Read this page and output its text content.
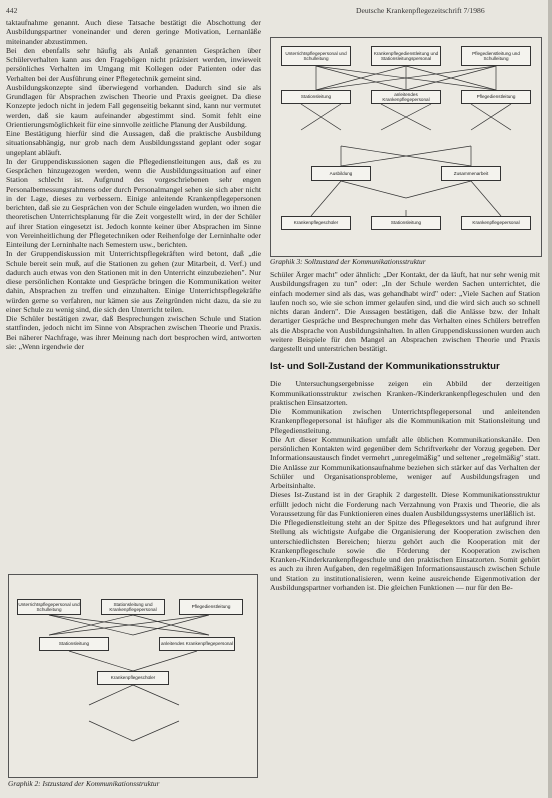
442	Deutsche Krankenpflegezeitschrift 7/1986

taktaufnahme genannt. Auch diese Tatsache bestätigt die Abschottung der Ausbildungspartner voneinander und deren geringe Motivation, Lernanläße miteinander abzustimmen.

Bei den ebenfalls sehr häufig als Anlaß genannten Gesprächen über Schülerverhalten kann aus den Fragebögen nicht präzisiert werden, inwieweit persönliches Verhalten im Umgang mit Kollegen oder Patienten oder das Verhalten bei der Ausführung einer Pflegetechnik gemeint sind.

Ausbildungskonzepte sind überwiegend vorhanden. Dadurch sind sie als Grundlagen für Absprachen zwischen Theorie und Praxis geeignet. Da diese Konzepte jedoch nicht in jedem Fall gegenseitig bekannt sind, kann nur vermutet werden, daß sie kaum aufeinander abgestimmt sind. Somit fehlt eine Orientierungsmöglichkeit für eine sinnvolle zeitliche Planung der Ausbildung.

Eine Bestätigung hierfür sind die Aussagen, daß die praktische Ausbildung situationsabhängig, nur grob nach dem Ausbildungsstand geplant oder sogar ungeplant abläuft.

In der Gruppendiskussionen sagen die Pflegedienstleitungen aus, daß es zu Gesprächen hinzugezogen werden, wenn die Ausbildungssituation auf einer Station schlecht ist. Aufgrund des vorgeschriebenen sehr engen Personalbemessungsrahmens oder durch Personalmangel sehen sie sich aber nicht in der Lage, dieses zu verbessern. Einige anleitende Krankenpflegepersonen berichten, daß sie zu Gesprächen von der Schule eingeladen wurden, wo ihnen die theoretischen Unterrichtsplanung für die Zeit vorgestellt wird, in der der Schüler auf ihrer Station eingesetzt ist. Jedoch konnte keiner über Absprachen im Sinne von Vereinheitlichung der Pflegetechniken oder Reihenfolge der Lerninhalte oder Einteilung der Lerninhalte nach Semestern usw., berichten.

In der Gruppendiskussion mit Unterrichtspflegekräften wird betont, daß „die Schule bereit sein muß, auf die Stationen zu gehen (zur Mitarbeit, d. Verf.) und dadurch auch etwas von den Stationen mit in den Unterricht einzubeziehen". Nur diese persönlichen Kontakte und Gespräche bringen die Kommunikation weiter dahin, Absprachen zu treffen und einzuhalten. Einige Unterrichtspflegekräfte würden gerne so verfahren, nur kämen sie aus Zeitgründen nicht dazu, da sie zu einer Schule zu wenig sind, die sich den Unterricht teilen.

Die Schüler bestätigen zwar, daß Besprechungen zwischen Schule und Station stattfinden, jedoch nicht im Sinne von Absprachen zwischen Theorie und Praxis. Bei näherer Nachfrage, was ihrer Meinung nach dort besprochen wird, antworten sie: „Wenn irgendwie der

Unterrichtspflegepersonal und Schulleitung
Stationsleitung und Krankenpflegepersonal
Pflegedienstleitung
Stationsleitung	anleitendes Krankenpflegepersonal
Krankenpflegeschüler
Graphik 2: Istzustand der Kommunikationsstruktur
Unterrichtspflegepersonal und Schulleitung
Krankenpflegedienstleitung und Stationsleitungspersonal
Pflegedienstleitung und Schulleitung
Stationsleitung
anleitendes Krankenpflegepersonal
Pflegedienstleitung
Ausbildung	Zusammenarbeit
Krankenpflegeschüler	Stationsleitung	Krankenpflegepersonal
Graphik 3: Sollzustand der Kommunikationsstruktur

Schüler Ärger macht" oder ähnlich: „Der Kontakt, der da läuft, hat nur sehr wenig mit Ausbildungsfragen zu tun" oder: „In der Schule werden Sachen unterrichtet, die einfach moderner sind als das, was gehandhabt wird" oder: „Viele Sachen auf Station laufen noch so, wie sie schon immer gelaufen sind, und die wird sich auch so schnell nichts daran ändern". Die Aussagen bestätigen, daß die Anlässe bzw. der Inhalt derartiger Gespräche und Besprechungen mehr das Verhalten eines Schülers betreffen als die Absprache von Ausbildungsinhalten. In allen Gruppendiskussionen wurden auch weitere Beispiele für den Mangel an Absprachen zwischen Theorie und Praxis dargestellt und unterstrichen bestätigt.

Ist- und Soll-Zustand der Kommunikationsstruktur

Die Untersuchungsergebnisse zeigen ein Abbild der derzeitigen Kommunikationsstruktur zwischen Kranken-/Kinderkrankenpflegeschulen und den praktischen Einsatzorten.

Die Kommunikation zwischen Unterrichtspflegepersonal und anleitenden Krankenpflegepersonal ist häufiger als die Kommunikation mit Stationsleitung und Pflegedienstleitung.

Die Art dieser Kommunikation umfaßt alle üblichen Kommunikationskanäle. Den persönlichen Kontakten wird gegenüber dem Schriftverkehr der Vorzug gegeben. Der Informationsaustausch findet vermehrt „unregelmäßig" und seltener „regelmäßig" statt. Die Anlässe zur Kommunikationsaufnahme beziehen sich stärker auf das Verhalten der Schüler und Organisationsprobleme, weniger auf Ausbildungsfragen und Arbeitsinhalte.

Dieses Ist-Zustand ist in der Graphik 2 dargestellt. Diese Kommunikationsstruktur erfüllt jedoch nicht die Forderung nach Verzahnung von Praxis und Theorie, die als Voraussetzung für das Funktionieren eines dualen Ausbildungssystems unerläßlich ist.

Die Pflegedienstleitung steht an der Spitze des Pflegesektors und hat aufgrund ihrer Stellung als wichtigste Aufgabe die Organisierung der Kooperation zwischen den unterschiedlichsten Bereichen; hierzu gehört auch die Kooperation mit der Krankenpflegeschule sowie die Förderung der Kooperation zwischen Kranken-/Kinderkrankenpflegeschule und den praktischen Einsatzorten. Somit gehört es auch zu ihren Aufgaben, den regelmäßigen Informationsaustausch zwischen Schule und Station zu institutionalisieren, wenn keine ausreichende Eigenmotivation der Ausbildungspartner vorhanden ist. Die gleichen Funktionen — nur für den Be-
